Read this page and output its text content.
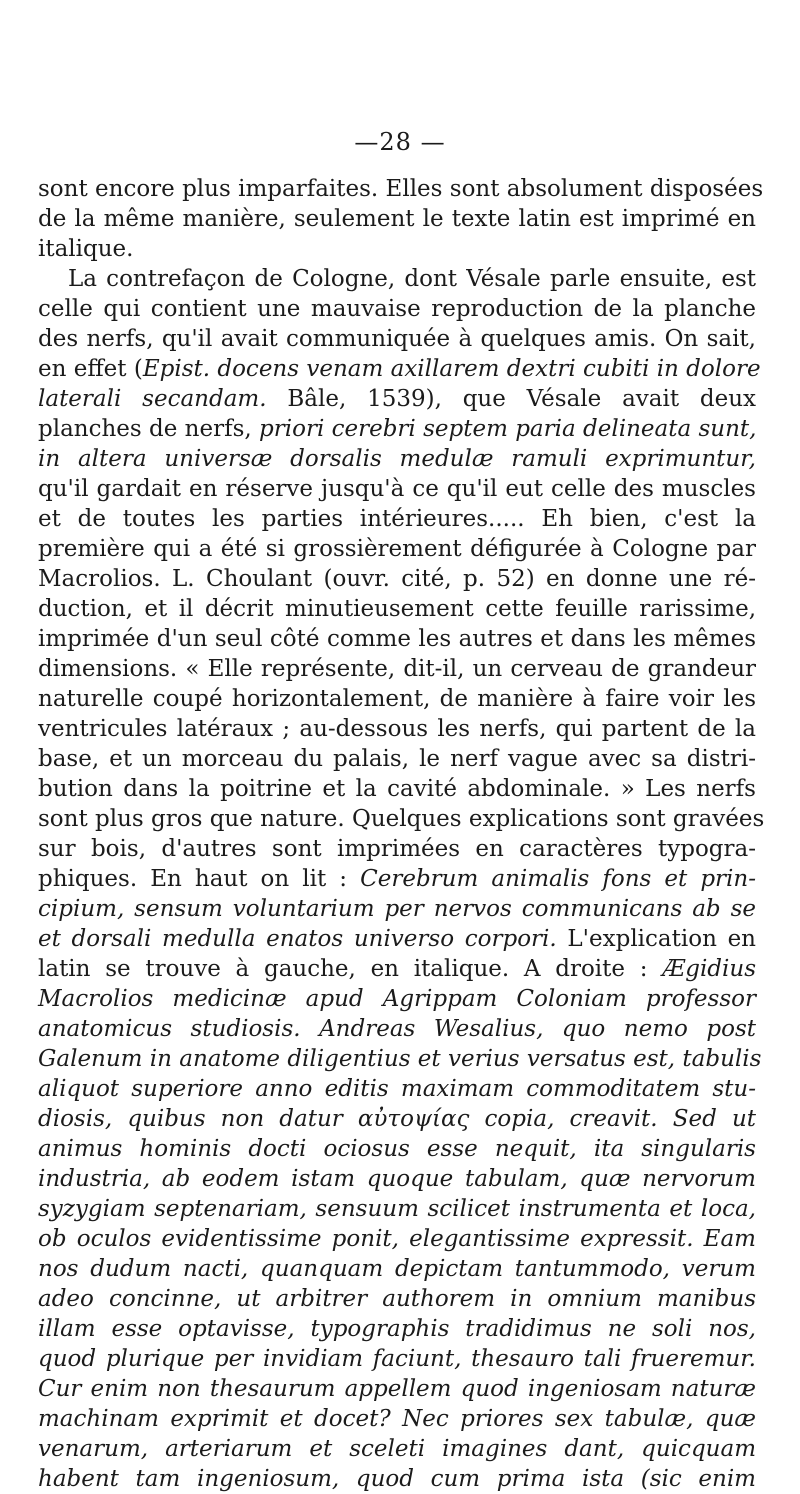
—28 —
sont encore plus imparfaites. Elles sont absolument disposées
de la même manière, seulement le texte latin est imprimé en
italique.
La contrefaçon de Cologne, dont Vésale parle ensuite, est
celle qui contient une mauvaise reproduction de la planche
des nerfs, qu'il avait communiquée à quelques amis. On sait,
en effet (Epist. docens venam axillarem dextri cubiti in dolore
laterali secandam. Bâle, 1539), que Vésale avait deux
planches de nerfs, priori cerebri septem paria delineata sunt,
in altera universæ dorsalis medulæ ramuli exprimuntur,
qu'il gardait en réserve jusqu'à ce qu'il eut celle des muscles
et de toutes les parties intérieures..... Eh bien, c'est la
première qui a été si grossièrement défigurée à Cologne par
Macrolios. L. Choulant (ouvr. cité, p. 52) en donne une ré-
duction, et il décrit minutieusement cette feuille rarissime,
imprimée d'un seul côté comme les autres et dans les mêmes
dimensions. « Elle représente, dit-il, un cerveau de grandeur
naturelle coupé horizontalement, de manière à faire voir les
ventricules latéraux ; au-dessous les nerfs, qui partent de la
base, et un morceau du palais, le nerf vague avec sa distri-
bution dans la poitrine et la cavité abdominale. » Les nerfs
sont plus gros que nature. Quelques explications sont gravées
sur bois, d'autres sont imprimées en caractères typogra-
phiques. En haut on lit : Cerebrum animalis fons et prin-
cipium, sensum voluntarium per nervos communicans ab se
et dorsali medulla enatos universo corpori. L'explication en
latin se trouve à gauche, en italique. A droite : Ægidius
Macrolios medicinæ apud Agrippam Coloniam professor
anatomicus studiosis. Andreas Wesalius, quo nemo post
Galenum in anatome diligentius et verius versatus est, tabulis
aliquot superiore anno editis maximam commoditatem stu-
diosis, quibus non datur αὐτοψίας copia, creavit. Sed ut
animus hominis docti ociosus esse nequit, ita singularis
industria, ab eodem istam quoque tabulam, quæ nervorum
syzygiam septenariam, sensuum scilicet instrumenta et loca,
ob oculos evidentissime ponit, elegantissime expressit. Eam
nos dudum nacti, quanquam depictam tantummodo, verum
adeo concinne, ut arbitrer authorem in omnium manibus
illam esse optavisse, typographis tradidimus ne soli nos,
quod plurique per invidiam faciunt, thesauro tali frueremur.
Cur enim non thesaurum appellem quod ingeniosam naturæ
machinam exprimit et docet? Nec priores sex tabulæ, quæ
venarum, arteriarum et sceleti imagines dant, quicquam
habent tam ingeniosum, quod cum prima ista (sic enim
